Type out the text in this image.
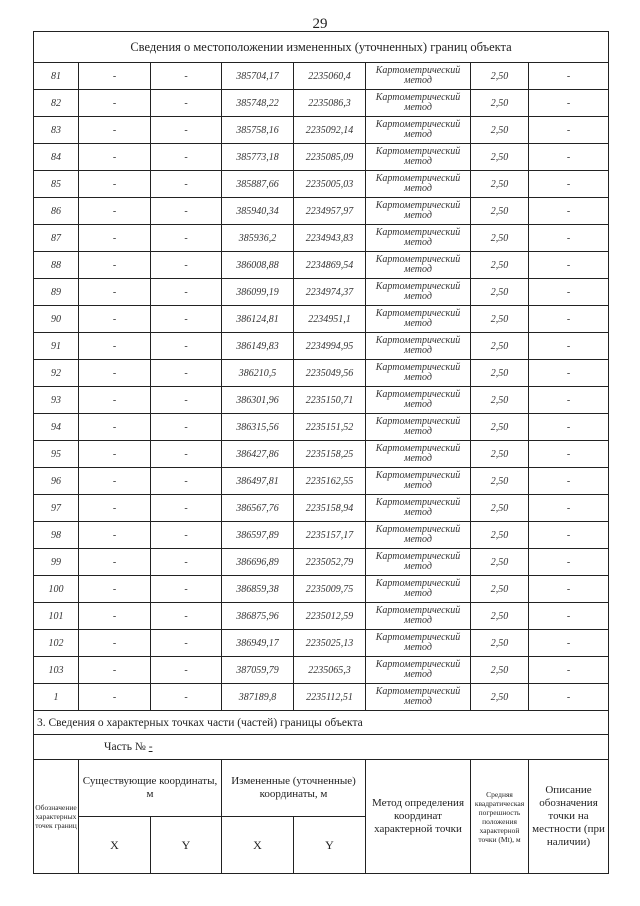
29
Сведения о местоположении измененных (уточненных) границ объекта							
81	-	-	385704,17	2235060,4	Картометрический метод	2,50	-
82	-	-	385748,22	2235086,3	Картометрический метод	2,50	-
83	-	-	385758,16	2235092,14	Картометрический метод	2,50	-
84	-	-	385773,18	2235085,09	Картометрический метод	2,50	-
85	-	-	385887,66	2235005,03	Картометрический метод	2,50	-
86	-	-	385940,34	2234957,97	Картометрический метод	2,50	-
87	-	-	385936,2	2234943,83	Картометрический метод	2,50	-
88	-	-	386008,88	2234869,54	Картометрический метод	2,50	-
89	-	-	386099,19	2234974,37	Картометрический метод	2,50	-
90	-	-	386124,81	2234951,1	Картометрический метод	2,50	-
91	-	-	386149,83	2234994,95	Картометрический метод	2,50	-
92	-	-	386210,5	2235049,56	Картометрический метод	2,50	-
93	-	-	386301,96	2235150,71	Картометрический метод	2,50	-
94	-	-	386315,56	2235151,52	Картометрический метод	2,50	-
95	-	-	386427,86	2235158,25	Картометрический метод	2,50	-
96	-	-	386497,81	2235162,55	Картометрический метод	2,50	-
97	-	-	386567,76	2235158,94	Картометрический метод	2,50	-
98	-	-	386597,89	2235157,17	Картометрический метод	2,50	-
99	-	-	386696,89	2235052,79	Картометрический метод	2,50	-
100	-	-	386859,38	2235009,75	Картометрический метод	2,50	-
101	-	-	386875,96	2235012,59	Картометрический метод	2,50	-
102	-	-	386949,17	2235025,13	Картометрический метод	2,50	-
103	-	-	387059,79	2235065,3	Картометрический метод	2,50	-
1	-	-	387189,8	2235112,51	Картометрический метод	2,50	-
3. Сведения о характерных точках части (частей) границы объекта							
Часть № -							
Обозначение характерных точек границ	Существующие координаты, м		Измененные (уточненные) координаты, м		Метод определения координат характерной точки	Средняя квадратическая погрешность положения характерной точки (Mt), м	Описание обозначения точки на местности (при наличии)
	X	Y	X	Y			
